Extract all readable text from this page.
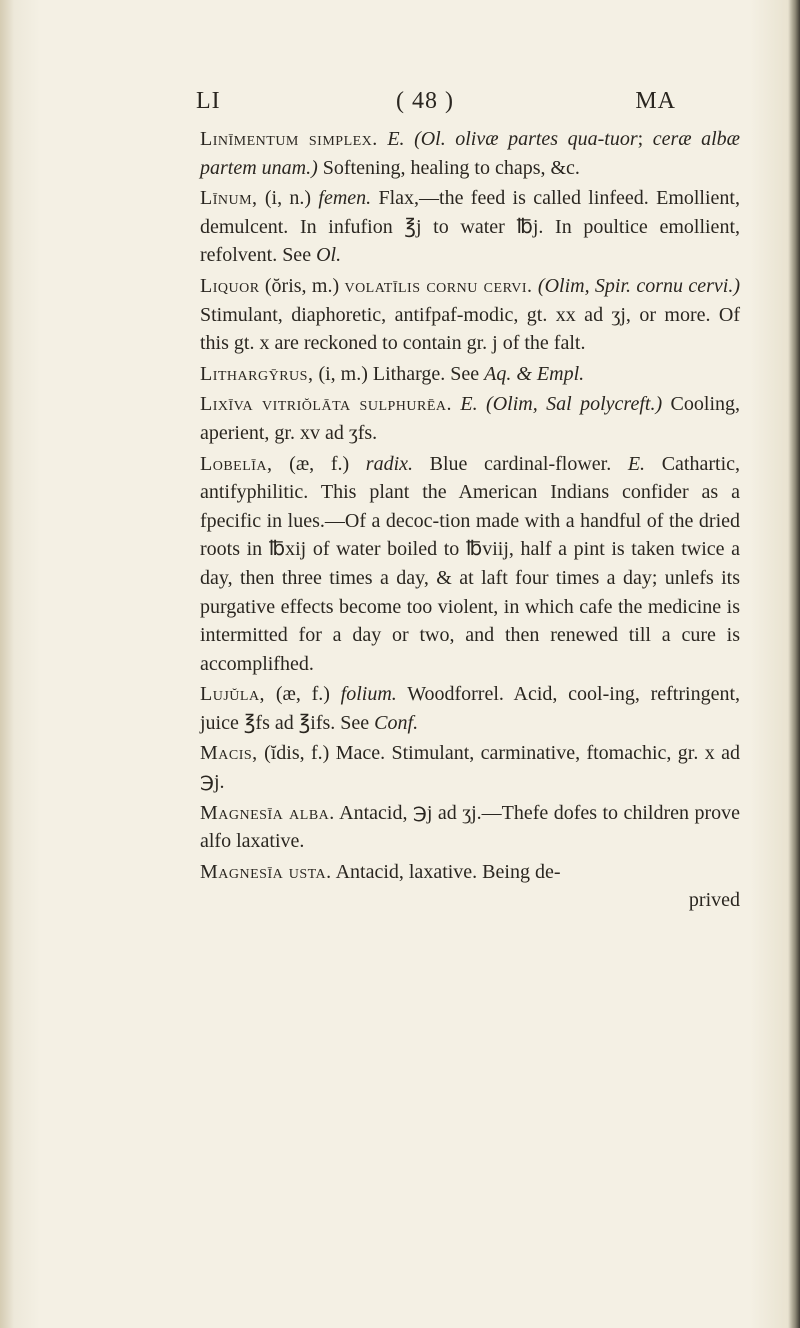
LI	( 48 )	MA

Linīmentum simplex. E. (Ol. olivæ partes qua-tuor; ceræ albæ partem unam.) Softening, healing to chaps, &c.

Līnum, (i, n.) femen. Flax,—the feed is called linfeed. Emollient, demulcent. In infufion ℥j to water ℔j. In poultice emollient, refolvent. See Ol.

Liquor (ŏris, m.) volatīlis cornu cervi. (Olim, Spir. cornu cervi.) Stimulant, diaphoretic, antifpaf-modic, gt. xx ad ʒj, or more. Of this gt. x are reckoned to contain gr. j of the falt.

Lithargȳrus, (i, m.) Litharge. See Aq. & Empl.

Lixīva vitriŏlāta sulphurēa. E. (Olim, Sal polycreft.) Cooling, aperient, gr. xv ad ʒfs.

Lobelīa, (æ, f.) radix. Blue cardinal-flower. E. Cathartic, antifyphilitic. This plant the American Indians confider as a fpecific in lues.—Of a decoc-tion made with a handful of the dried roots in ℔xij of water boiled to ℔viij, half a pint is taken twice a day, then three times a day, & at laft four times a day; unlefs its purgative effects become too violent, in which cafe the medicine is intermitted for a day or two, and then renewed till a cure is accomplifhed.

Lujŭla, (æ, f.) folium. Woodforrel. Acid, cool-ing, reftringent, juice ℥fs ad ℥ifs. See Conf.

Macis, (ĭdis, f.) Mace. Stimulant, carminative, ftomachic, gr. x ad ℈j.

Magnesīa alba. Antacid, ℈j ad ʒj.—Thefe dofes to children prove alfo laxative.

Magnesīa usta. Antacid, laxative. Being de-

prived
